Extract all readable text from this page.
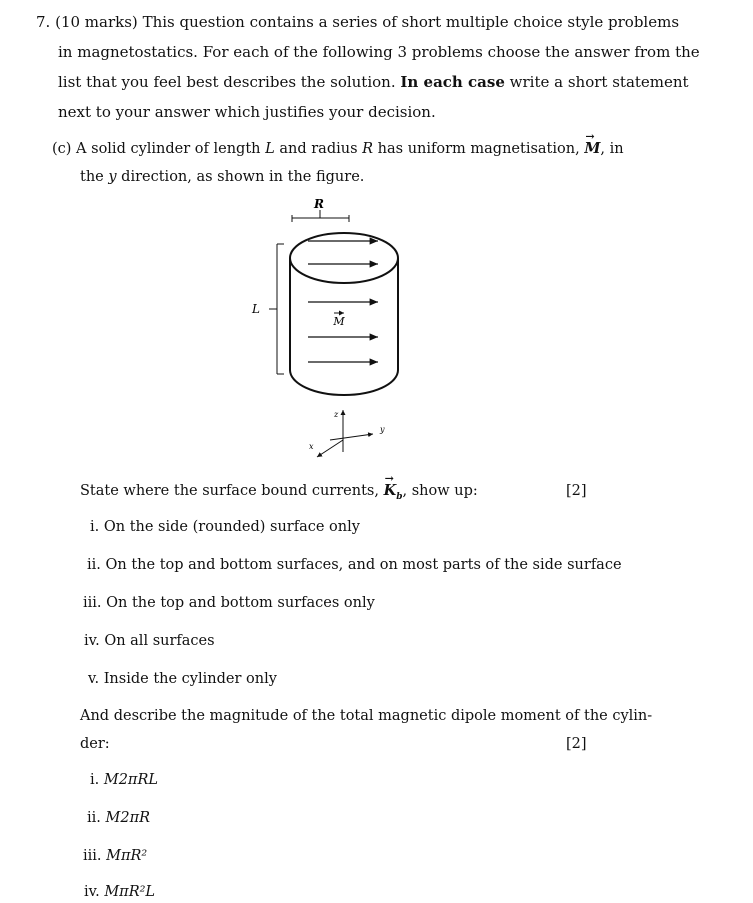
7. (10 marks) This question contains a series of short multiple choice style problems
in magnetostatics. For each of the following 3 problems choose the answer from the
list that you feel best describes the solution. In each case write a short statement
next to your answer which justifies your decision.
(c) A solid cylinder of length L and radius R has uniform magnetisation, → M, in
the y direction, as shown in the figure.
R
L
M
z
y
x
State where the surface bound currents, → $K_b$, show up:	[2]
i. On the side (rounded) surface only
ii. On the top and bottom surfaces, and on most parts of the side surface
iii. On the top and bottom surfaces only
iv. On all surfaces
v. Inside the cylinder only
And describe the magnitude of the total magnetic dipole moment of the cylin-
der:	[2]
i. M2πRL
ii. M2πR
iii. MπR²
iv. MπR²L
